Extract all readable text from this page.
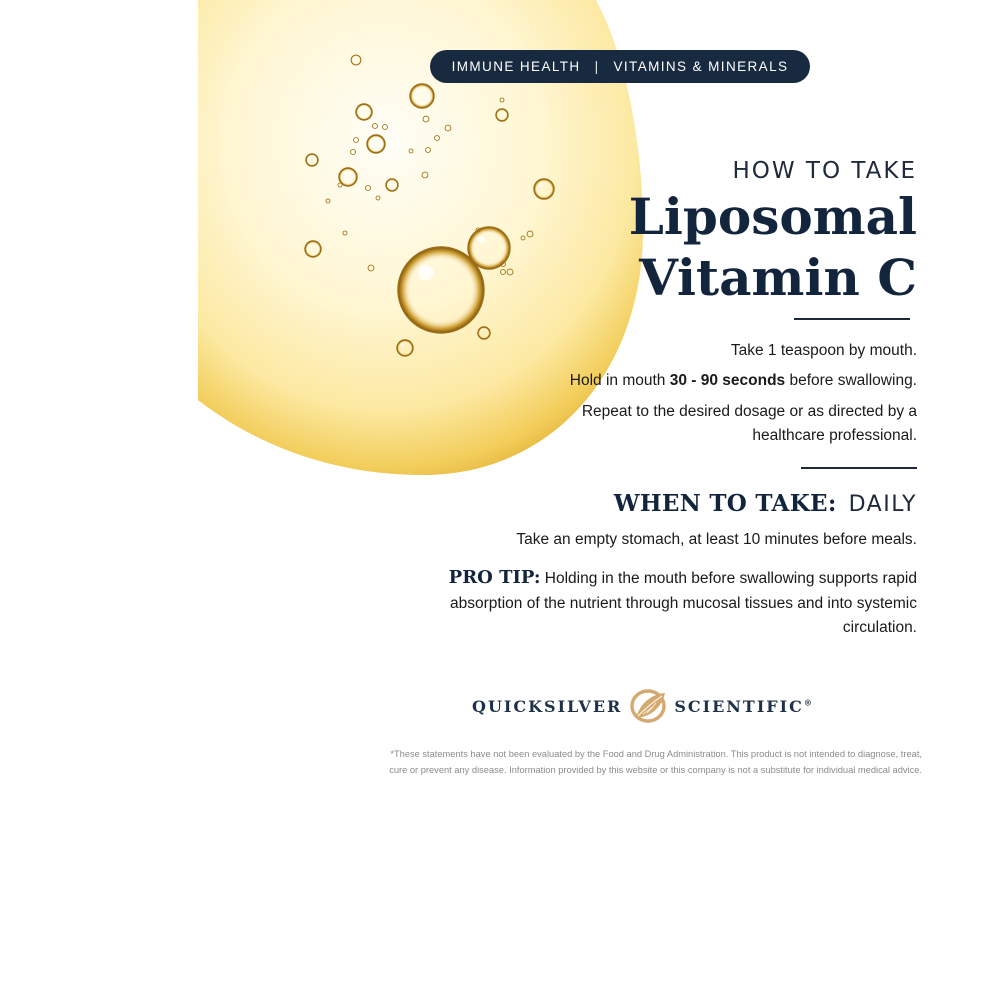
IMMUNE HEALTH | VITAMINS & MINERALS
HOW TO TAKE
Liposomal
Vitamin C
Take 1 teaspoon by mouth.
Hold in mouth 30 - 90 seconds before swallowing.
Repeat to the desired dosage or as directed by a
healthcare professional.
WHEN TO TAKE: DAILY
Take an empty stomach, at least 10 minutes before meals.
PRO TIP: Holding in the mouth before swallowing supports rapid absorption of the nutrient through mucosal tissues and into systemic circulation.
QUICKSILVER	SCIENTIFIC®
*These statements have not been evaluated by the Food and Drug Administration. This product is not intended to diagnose, treat,
cure or prevent any disease. Information provided by this website or this company is not a substitute for individual medical advice.
